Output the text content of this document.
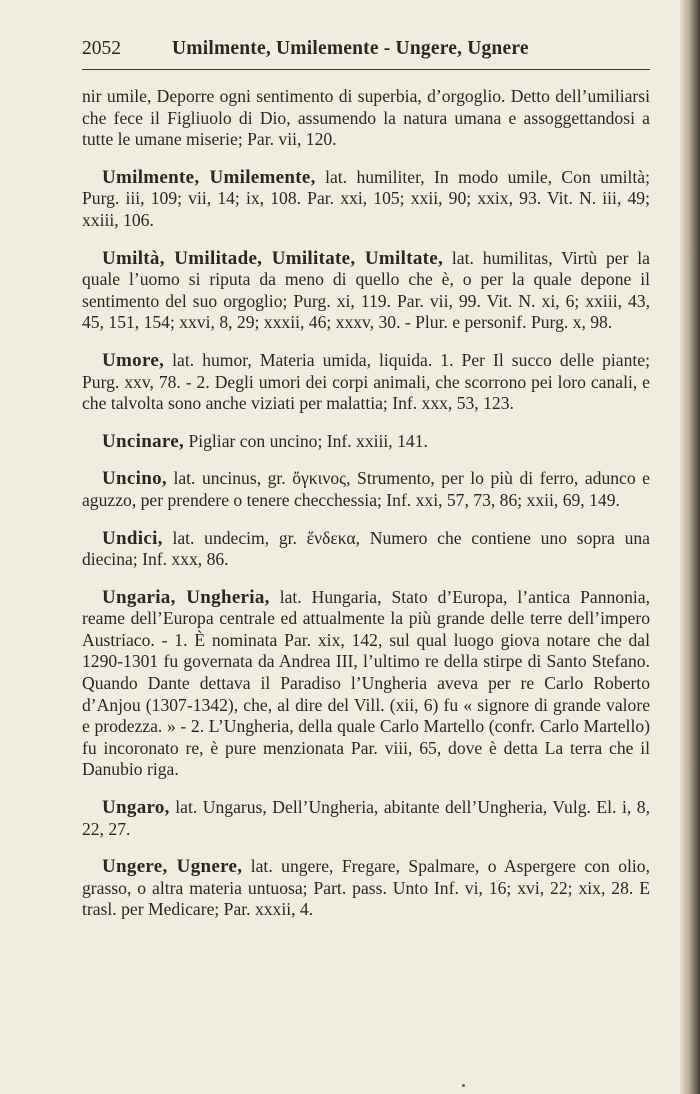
2052	Umilmente, Umilemente - Ungere, Ugnere

nir umile, Deporre ogni sentimento di superbia, d’orgoglio. Detto dell’umiliarsi che fece il Figliuolo di Dio, assumendo la natura umana e assoggettandosi a tutte le umane miserie; Par. vii, 120.

Umilmente, Umilemente, lat. humiliter, In modo umile, Con umiltà; Purg. iii, 109; vii, 14; ix, 108. Par. xxi, 105; xxii, 90; xxix, 93. Vit. N. iii, 49; xxiii, 106.

Umiltà, Umilitade, Umilitate, Umiltate, lat. humilitas, Virtù per la quale l’uomo si riputa da meno di quello che è, o per la quale depone il sentimento del suo orgoglio; Purg. xi, 119. Par. vii, 99. Vit. N. xi, 6; xxiii, 43, 45, 151, 154; xxvi, 8, 29; xxxii, 46; xxxv, 30. - Plur. e personif. Purg. x, 98.

Umore, lat. humor, Materia umida, liquida. 1. Per Il succo delle piante; Purg. xxv, 78. - 2. Degli umori dei corpi animali, che scorrono pei loro canali, e che talvolta sono anche viziati per malattia; Inf. xxx, 53, 123.

Uncinare, Pigliar con uncino; Inf. xxiii, 141.

Uncino, lat. uncinus, gr. ὄγκινος, Strumento, per lo più di ferro, adunco e aguzzo, per prendere o tenere checchessia; Inf. xxi, 57, 73, 86; xxii, 69, 149.

Undici, lat. undecim, gr. ἕνδεκα, Numero che contiene uno sopra una diecina; Inf. xxx, 86.

Ungaria, Ungheria, lat. Hungaria, Stato d’Europa, l’antica Pannonia, reame dell’Europa centrale ed attualmente la più grande delle terre dell’impero Austriaco. - 1. È nominata Par. xix, 142, sul qual luogo giova notare che dal 1290-1301 fu governata da Andrea III, l’ultimo re della stirpe di Santo Stefano. Quando Dante dettava il Paradiso l’Ungheria aveva per re Carlo Roberto d’Anjou (1307-1342), che, al dire del Vill. (xii, 6) fu « signore di grande valore e prodezza. » - 2. L’Ungheria, della quale Carlo Martello (confr. Carlo Martello) fu incoronato re, è pure menzionata Par. viii, 65, dove è detta La terra che il Danubio riga.

Ungaro, lat. Ungarus, Dell’Ungheria, abitante dell’Ungheria, Vulg. El. i, 8, 22, 27.

Ungere, Ugnere, lat. ungere, Fregare, Spalmare, o Aspergere con olio, grasso, o altra materia untuosa; Part. pass. Unto Inf. vi, 16; xvi, 22; xix, 28. E trasl. per Medicare; Par. xxxii, 4.
